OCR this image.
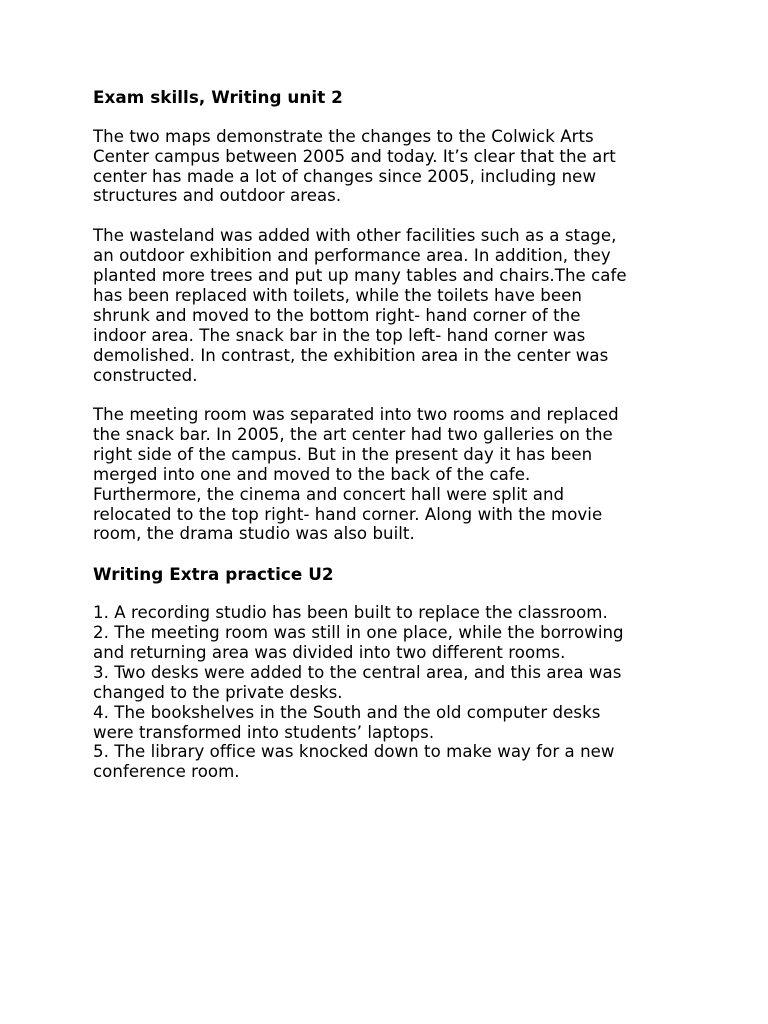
Exam skills, Writing unit 2
The two maps demonstrate the changes to the Colwick Arts
Center campus between 2005 and today. It’s clear that the art
center has made a lot of changes since 2005, including new
structures and outdoor areas.
The wasteland was added with other facilities such as a stage,
an outdoor exhibition and performance area. In addition, they
planted more trees and put up many tables and chairs.The cafe
has been replaced with toilets, while the toilets have been
shrunk and moved to the bottom right- hand corner of the
indoor area. The snack bar in the top left- hand corner was
demolished. In contrast, the exhibition area in the center was
constructed.
The meeting room was separated into two rooms and replaced
the snack bar. In 2005, the art center had two galleries on the
right side of the campus. But in the present day it has been
merged into one and moved to the back of the cafe.
Furthermore, the cinema and concert hall were split and
relocated to the top right- hand corner. Along with the movie
room, the drama studio was also built.
Writing Extra practice U2
1. A recording studio has been built to replace the classroom.
2. The meeting room was still in one place, while the borrowing
and returning area was divided into two different rooms.
3. Two desks were added to the central area, and this area was
changed to the private desks.
4. The bookshelves in the South and the old computer desks
were transformed into students’ laptops.
5. The library office was knocked down to make way for a new
conference room.
